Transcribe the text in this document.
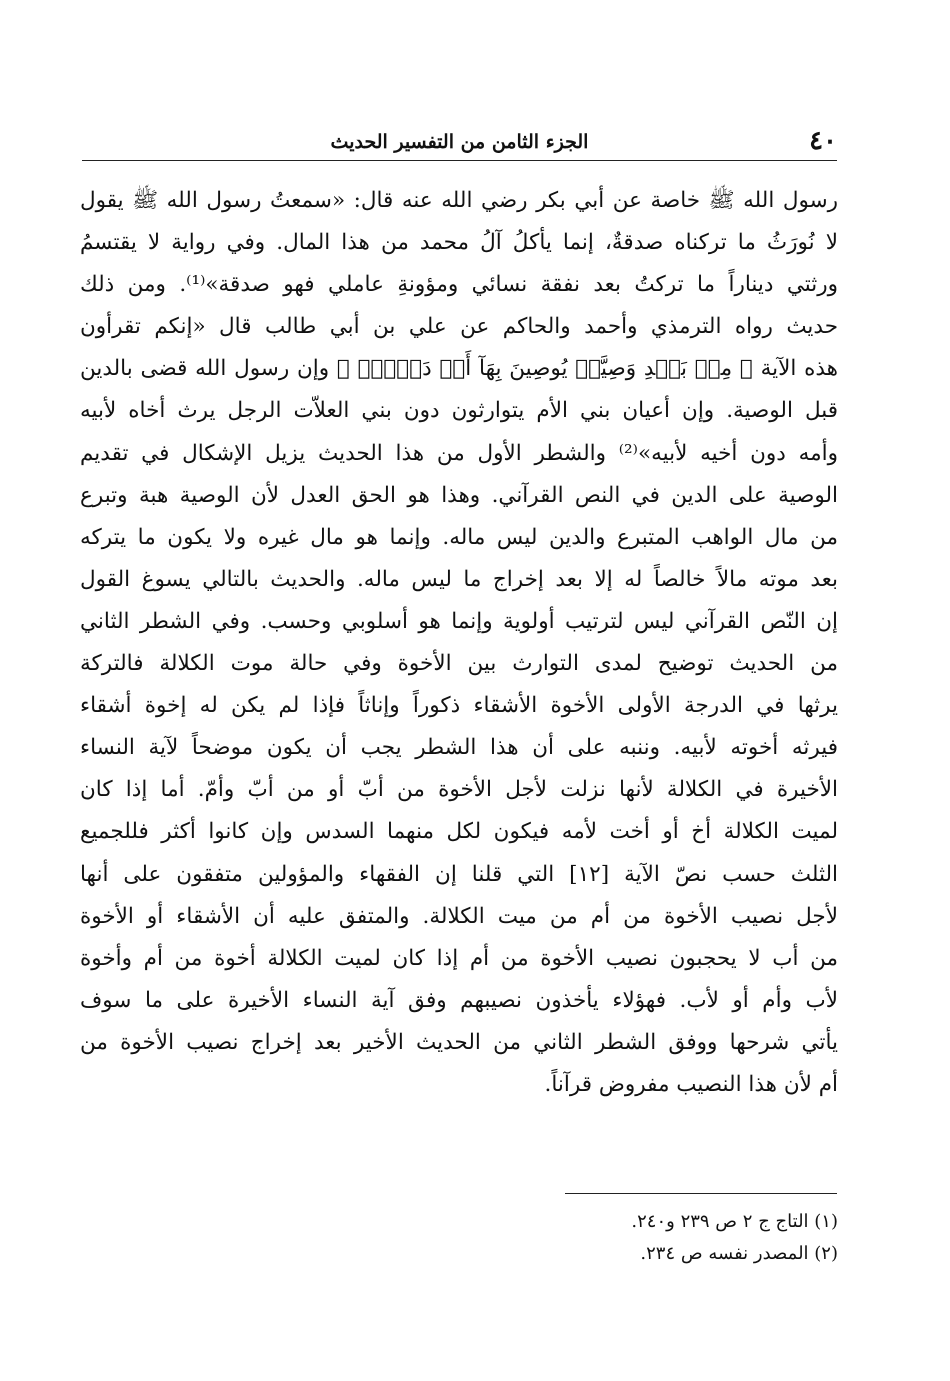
٤٠
الجزء الثامن من التفسير الحديث
رسول الله ﷺ خاصة عن أبي بكر رضي الله عنه قال: «سمعتُ رسول الله ﷺ يقول
لا نُورَثُ ما تركناه صدقةٌ، إنما يأكلُ آلُ محمد من هذا المال. وفي رواية لا يقتسمُ
ورثتي ديناراً ما تركتُ بعد نفقة نسائي ومؤونةِ عاملي فهو صدقة»⁽¹⁾. ومن ذلك
حديث رواه الترمذي وأحمد والحاكم عن علي بن أبي طالب قال «إنكم تقرأون
هذه الآية ﴿ مِنۢ بَعۡدِ وَصِيَّةٖ يُوصِينَ بِهَآ أَوۡ دَيۡنٖۚ ﴾ وإن رسول الله قضى بالدين
قبل الوصية. وإن أعيان بني الأم يتوارثون دون بني العلاّت الرجل يرث أخاه لأبيه
وأمه دون أخيه لأبيه»⁽²⁾ والشطر الأول من هذا الحديث يزيل الإشكال في تقديم
الوصية على الدين في النص القرآني. وهذا هو الحق العدل لأن الوصية هبة وتبرع
من مال الواهب المتبرع والدين ليس ماله. وإنما هو مال غيره ولا يكون ما يتركه
بعد موته مالاً خالصاً له إلا بعد إخراج ما ليس ماله. والحديث بالتالي يسوغ القول
إن النّص القرآني ليس لترتيب أولوية وإنما هو أسلوبي وحسب. وفي الشطر الثاني
من الحديث توضيح لمدى التوارث بين الأخوة وفي حالة موت الكلالة فالتركة
يرثها في الدرجة الأولى الأخوة الأشقاء ذكوراً وإناثاً فإذا لم يكن له إخوة أشقاء
فيرثه أخوته لأبيه. وننبه على أن هذا الشطر يجب أن يكون موضحاً لآية النساء
الأخيرة في الكلالة لأنها نزلت لأجل الأخوة من أبّ أو من أبّ وأمّ. أما إذا كان
لميت الكلالة أخ أو أخت لأمه فيكون لكل منهما السدس وإن كانوا أكثر فللجميع
الثلث حسب نصّ الآية [١٢] التي قلنا إن الفقهاء والمؤولين متفقون على أنها
لأجل نصيب الأخوة من أم من ميت الكلالة. والمتفق عليه أن الأشقاء أو الأخوة
من أب لا يحجبون نصيب الأخوة من أم إذا كان لميت الكلالة أخوة من أم وأخوة
لأب وأم أو لأب. فهؤلاء يأخذون نصيبهم وفق آية النساء الأخيرة على ما سوف
يأتي شرحها ووفق الشطر الثاني من الحديث الأخير بعد إخراج نصيب الأخوة من
أم لأن هذا النصيب مفروض قرآناً.
(١) التاج ج ٢ ص ٢٣٩ و٢٤٠.
(٢) المصدر نفسه ص ٢٣٤.
